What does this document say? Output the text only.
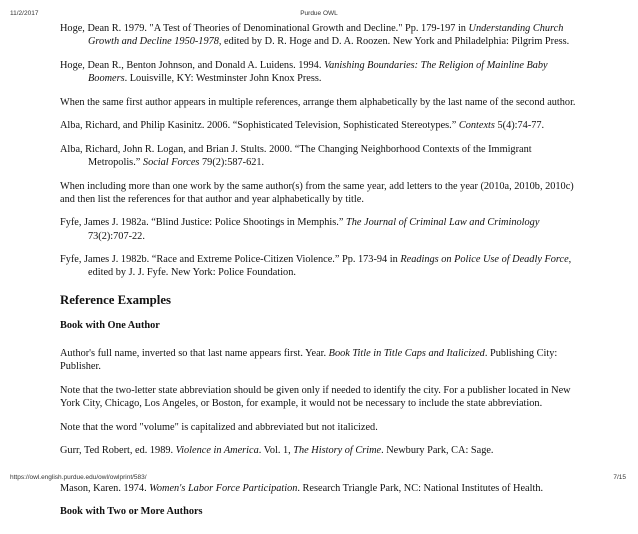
11/2/2017	Purdue OWL

Hoge, Dean R. 1979. "A Test of Theories of Denominational Growth and Decline." Pp. 179-197 in Understanding Church Growth and Decline 1950-1978, edited by D. R. Hoge and D. A. Roozen. New York and Philadelphia: Pilgrim Press.

Hoge, Dean R., Benton Johnson, and Donald A. Luidens. 1994. Vanishing Boundaries: The Religion of Mainline Baby Boomers. Louisville, KY: Westminster John Knox Press.

When the same first author appears in multiple references, arrange them alphabetically by the last name of the second author.

Alba, Richard, and Philip Kasinitz. 2006. “Sophisticated Television, Sophisticated Stereotypes.” Contexts 5(4):74-77.

Alba, Richard, John R. Logan, and Brian J. Stults. 2000. “The Changing Neighborhood Contexts of the Immigrant Metropolis.” Social Forces 79(2):587-621.

When including more than one work by the same author(s) from the same year, add letters to the year (2010a, 2010b, 2010c) and then list the references for that author and year alphabetically by title.

Fyfe, James J. 1982a. “Blind Justice: Police Shootings in Memphis.” The Journal of Criminal Law and Criminology 73(2):707-22.

Fyfe, James J. 1982b. “Race and Extreme Police-Citizen Violence.” Pp. 173-94 in Readings on Police Use of Deadly Force, edited by J. J. Fyfe. New York: Police Foundation.

Reference Examples

Book with One Author

Author's full name, inverted so that last name appears first. Year. Book Title in Title Caps and Italicized. Publishing City: Publisher.

Note that the two-letter state abbreviation should be given only if needed to identify the city. For a publisher located in New York City, Chicago, Los Angeles, or Boston, for example, it would not be necessary to include the state abbreviation.

Note that the word "volume" is capitalized and abbreviated but not italicized.

Gurr, Ted Robert, ed. 1989. Violence in America. Vol. 1, The History of Crime. Newbury Park, CA: Sage.

Mason, Karen. 1974. Women's Labor Force Participation. Research Triangle Park, NC: National Institutes of Health.

Book with Two or More Authors

https://owl.english.purdue.edu/owl/owlprint/583/	7/15
